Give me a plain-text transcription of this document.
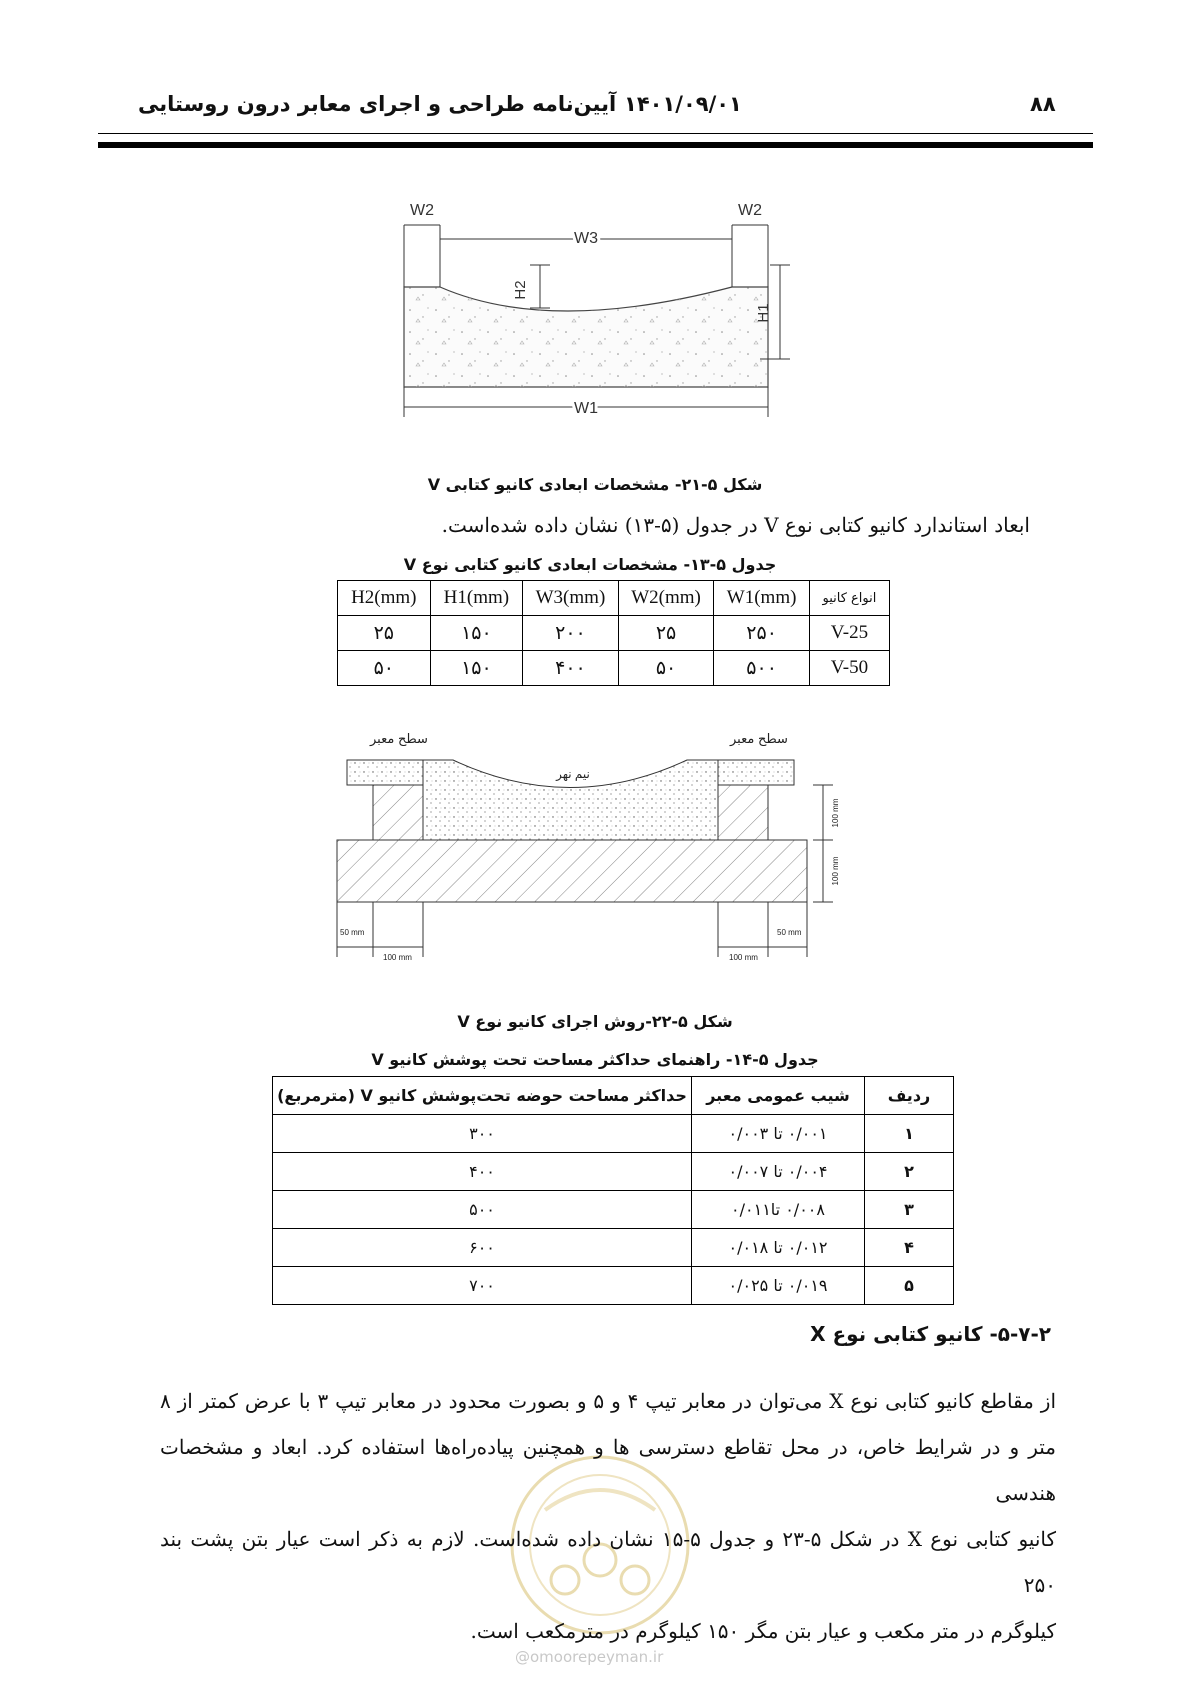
۸۸
۱۴۰۱/۰۹/۰۱
آیین‌نامه طراحی و اجرای معابر درون روستایی
W2	W2
W3
H2
H1
W1
شکل ۵-۲۱- مشخصات ابعادی کانیو کتابی V
ابعاد استاندارد کانیو کتابی نوع V در جدول (۵-۱۳) نشان داده شده‌است.
جدول ۵-۱۳- مشخصات ابعادی کانیو کتابی نوع V
انواع کانیو	W1(mm)	W2(mm)	W3(mm)	H1(mm)	H2(mm)
V-25	۲۵۰	۲۵	۲۰۰	۱۵۰	۲۵
V-50	۵۰۰	۵۰	۴۰۰	۱۵۰	۵۰
سطح معبر	سطح معبر
نیم نهر
100 mm
100 mm
50 mm
100 mm
50 mm
100 mm
شکل ۵-۲۲-روش اجرای کانیو نوع V
جدول ۵-۱۴- راهنمای حداکثر مساحت تحت پوشش کانیو V
ردیف	شیب عمومی معبر	حداکثر مساحت حوضه تحت‌پوشش کانیو V (مترمربع)
۱	۰/۰۰۱ تا ۰/۰۰۳	۳۰۰
۲	۰/۰۰۴ تا ۰/۰۰۷	۴۰۰
۳	۰/۰۰۸ تا۰/۰۱۱	۵۰۰
۴	۰/۰۱۲ تا ۰/۰۱۸	۶۰۰
۵	۰/۰۱۹ تا ۰/۰۲۵	۷۰۰
۵-۷-۲- کانیو کتابی نوع X
از مقاطع کانیو کتابی نوع X می‌توان در معابر تیپ ۴ و ۵ و بصورت محدود در معابر تیپ ۳ با عرض کمتر از ۸
متر و در شرایط خاص، در محل تقاطع دسترسی ها و همچنین پیاده‌راه‌ها استفاده کرد. ابعاد و مشخصات هندسی
کانیو کتابی نوع X در شکل ۵-۲۳ و جدول ۵-۱۵ نشان داده شده‌است. لازم به ذکر است عیار بتن پشت بند ۲۵۰
کیلوگرم در متر مکعب و عیار بتن مگر ۱۵۰ کیلوگرم در مترمکعب است.
@omoorepeyman.ir
